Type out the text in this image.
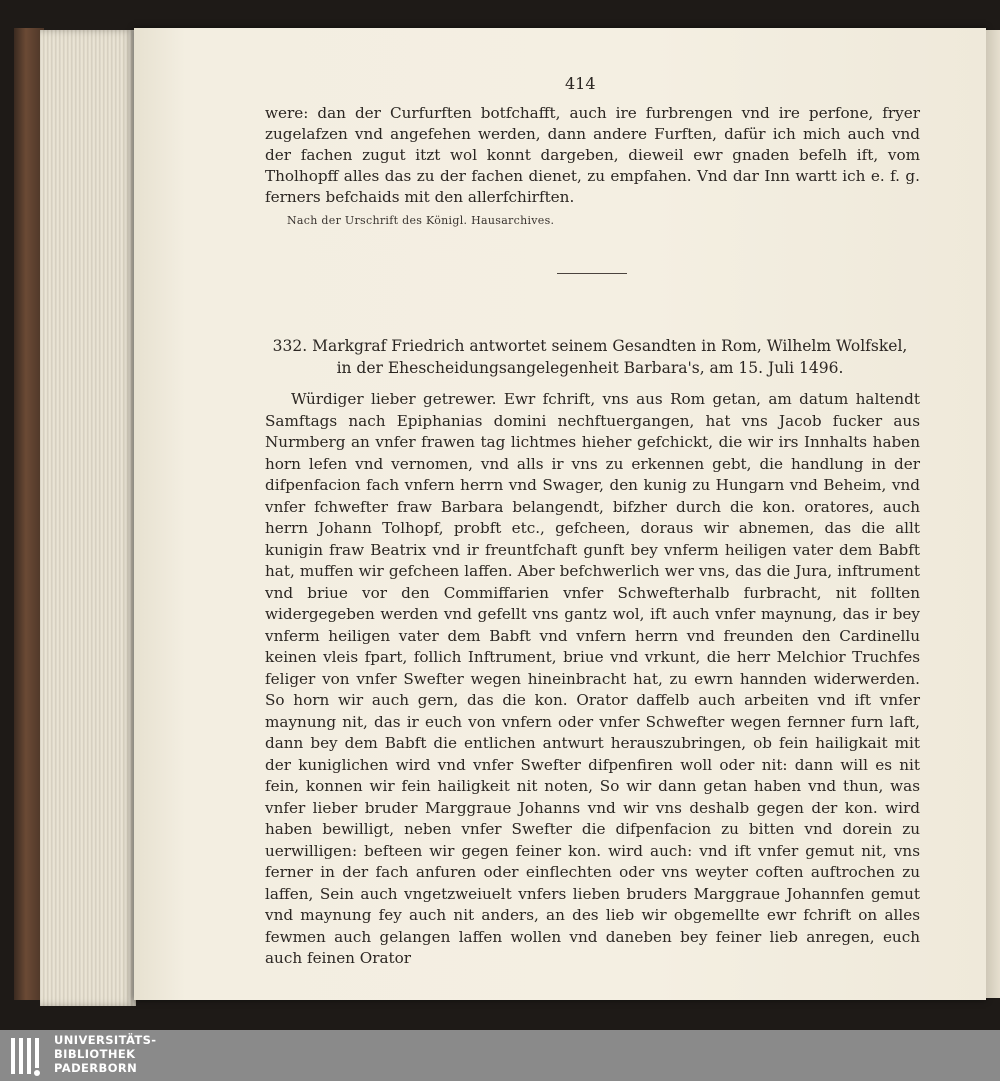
414
were: dan der Curfurften botfchafft, auch ire furbrengen vnd ire perfone, fryer zugelafzen vnd angefehen werden, dann andere Furften, dafür ich mich auch vnd der fachen zugut itzt wol konnt dargeben, dieweil ewr gnaden befelh ift, vom Tholhopff alles das zu der fachen dienet, zu empfahen. Vnd dar Inn wartt ich e. f. g. ferners befchaids mit den allerfchirften.
Nach der Urschrift des Königl. Hausarchives.
332. Markgraf Friedrich antwortet seinem Gesandten in Rom, Wilhelm Wolfskel, in der Ehescheidungsangelegenheit Barbara's, am 15. Juli 1496.
Würdiger lieber getrewer. Ewr fchrift, vns aus Rom getan, am datum haltendt Samftags nach Epiphanias domini nechftuergangen, hat vns Jacob fucker aus Nurmberg an vnfer frawen tag lichtmes hieher gefchickt, die wir irs Innhalts haben horn lefen vnd vernomen, vnd alls ir vns zu erkennen gebt, die handlung in der difpenfacion fach vnfern herrn vnd Swager, den kunig zu Hungarn vnd Beheim, vnd vnfer fchwefter fraw Barbara belangendt, bifzher durch die kon. oratores, auch herrn Johann Tolhopf, probft etc., gefcheen, doraus wir abnemen, das die allt kunigin fraw Beatrix vnd ir freuntfchaft gunft bey vnferm heiligen vater dem Babft hat, muffen wir gefcheen laffen. Aber befchwerlich wer vns, das die Jura, inftrument vnd briue vor den Commiffarien vnfer Schwefterhalb furbracht, nit follten widergegeben werden vnd gefellt vns gantz wol, ift auch vnfer maynung, das ir bey vnferm heiligen vater dem Babft vnd vnfern herrn vnd freunden den Cardinellu keinen vleis fpart, follich Inftrument, briue vnd vrkunt, die herr Melchior Truchfes feliger von vnfer Swefter wegen hineinbracht hat, zu ewrn hannden widerwerden. So horn wir auch gern, das die kon. Orator daffelb auch arbeiten vnd ift vnfer maynung nit, das ir euch von vnfern oder vnfer Schwefter wegen fernner furn laft, dann bey dem Babft die entlichen antwurt herauszubringen, ob fein hailigkait mit der kuniglichen wird vnd vnfer Swefter difpenfiren woll oder nit: dann will es nit fein, konnen wir fein hailigkeit nit noten, So wir dann getan haben vnd thun, was vnfer lieber bruder Marggraue Johanns vnd wir vns deshalb gegen der kon. wird haben bewilligt, neben vnfer Swefter die difpenfacion zu bitten vnd dorein zu uerwilligen: befteen wir gegen feiner kon. wird auch: vnd ift vnfer gemut nit, vns ferner in der fach anfuren oder einflechten oder vns weyter coften auftrochen zu laffen, Sein auch vngetzweiuelt vnfers lieben bruders Marggraue Johannfen gemut vnd maynung fey auch nit anders, an des lieb wir obgemellte ewr fchrift on alles fewmen auch gelangen laffen wollen vnd daneben bey feiner lieb anregen, euch auch feinen Orator
UNIVERSITÄTS-
BIBLIOTHEK
PADERBORN
